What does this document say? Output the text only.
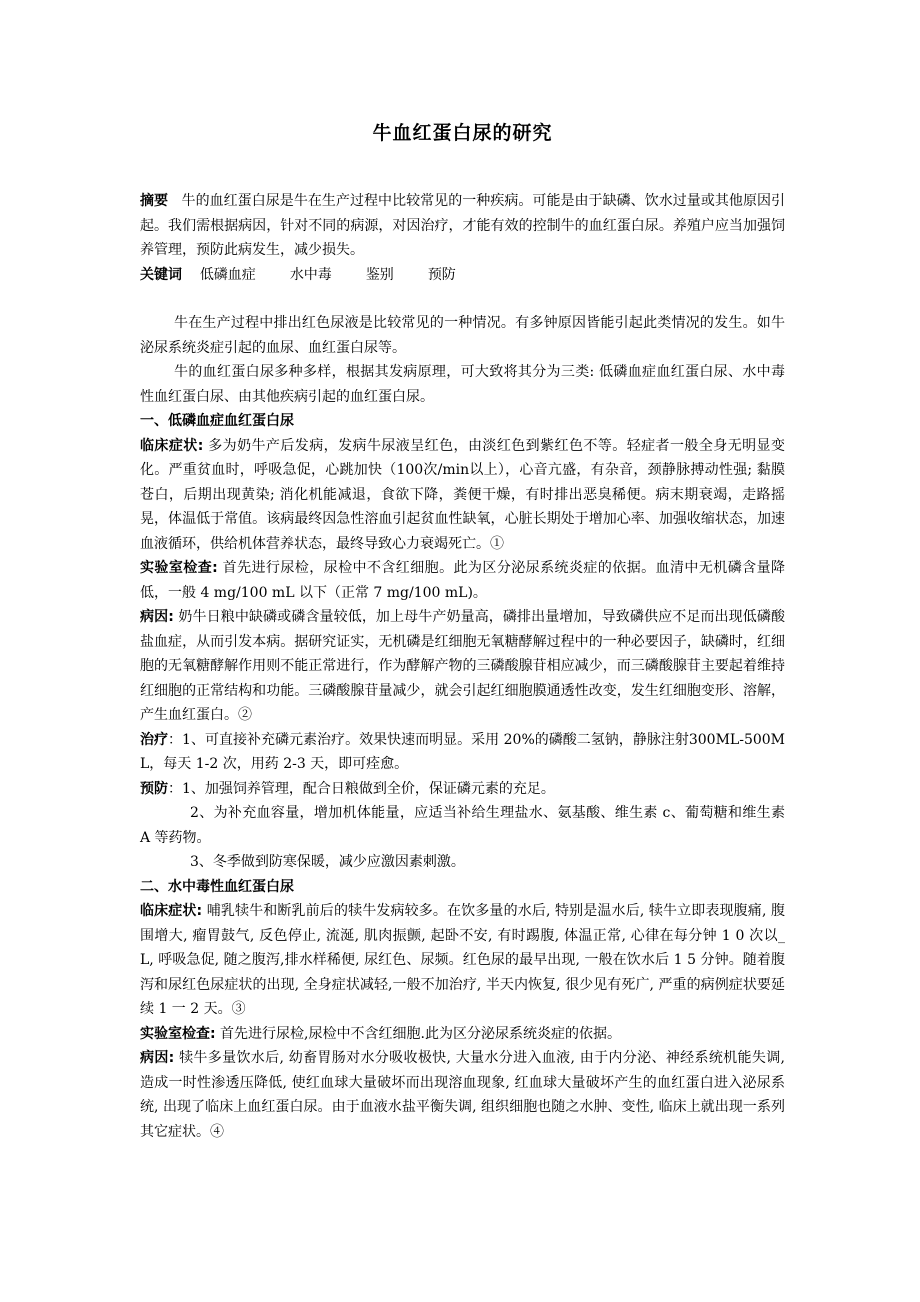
牛血红蛋白尿的研究

摘要 牛的血红蛋白尿是牛在生产过程中比较常见的一种疾病。可能是由于缺磷、饮水过量或其他原因引起。我们需根据病因，针对不同的病源，对因治疗，才能有效的控制牛的血红蛋白尿。养殖户应当加强饲养管理，预防此病发生，减少损失。

关键词 低磷血症 水中毒 鉴别 预防

牛在生产过程中排出红色尿液是比较常见的一种情况。有多钟原因皆能引起此类情况的发生。如牛泌尿系统炎症引起的血尿、血红蛋白尿等。

牛的血红蛋白尿多种多样，根据其发病原理，可大致将其分为三类: 低磷血症血红蛋白尿、水中毒性血红蛋白尿、由其他疾病引起的血红蛋白尿。

一、低磷血症血红蛋白尿

临床症状: 多为奶牛产后发病，发病牛尿液呈红色，由淡红色到紫红色不等。轻症者一般全身无明显变化。严重贫血时，呼吸急促，心跳加快（100次/min以上），心音亢盛，有杂音，颈静脉搏动性强; 黏膜苍白，后期出现黄染; 消化机能减退，食欲下降，粪便干燥，有时排出恶臭稀便。病末期衰竭，走路摇晃，体温低于常值。该病最终因急性溶血引起贫血性缺氧，心脏长期处于增加心率、加强收缩状态，加速血液循环，供给机体营养状态，最终导致心力衰竭死亡。①

实验室检查: 首先进行尿检，尿检中不含红细胞。此为区分泌尿系统炎症的依据。血清中无机磷含量降低，一般 4 mg/100 mL 以下（正常 7 mg/100 mL)。

病因: 奶牛日粮中缺磷或磷含量较低，加上母牛产奶量高，磷排出量增加，导致磷供应不足而出现低磷酸盐血症，从而引发本病。据研究证实，无机磷是红细胞无氧糖酵解过程中的一种必要因子，缺磷时，红细胞的无氧糖酵解作用则不能正常进行，作为酵解产物的三磷酸腺苷相应减少，而三磷酸腺苷主要起着维持红细胞的正常结构和功能。三磷酸腺苷量减少，就会引起红细胞膜通透性改变，发生红细胞变形、溶解，产生血红蛋白。②

治疗：1、可直接补充磷元素治疗。效果快速而明显。采用 20%的磷酸二氢钠，静脉注射300ML-500ML，每天 1-2 次，用药 2-3 天，即可痊愈。

预防：1、加强饲养管理，配合日粮做到全价，保证磷元素的充足。

2、为补充血容量，增加机体能量，应适当补给生理盐水、氨基酸、维生素 c、葡萄糖和维生素 A 等药物。

3、冬季做到防寒保暖，减少应激因素刺激。

二、水中毒性血红蛋白尿

临床症状: 哺乳犊牛和断乳前后的犊牛发病较多。在饮多量的水后, 特别是温水后, 犊牛立即表现腹痛, 腹围增大, 瘤胃鼓气, 反色停止, 流涎, 肌肉振颤, 起卧不安, 有时踢腹, 体温正常, 心律在每分钟 1 0 次以_ L, 呼吸急促, 随之腹泻,排水样稀便, 尿红色、尿频。红色尿的最早出现, 一般在饮水后 1 5 分钟。随着腹泻和尿红色尿症状的出现, 全身症状减轻,一般不加治疗, 半天内恢复, 很少见有死广, 严重的病例症状要延续 1 一 2 天。③

实验室检查: 首先进行尿检,尿检中不含红细胞.此为区分泌尿系统炎症的依据。

病因: 犊牛多量饮水后, 幼畜胃肠对水分吸收极快, 大量水分进入血液, 由于内分泌、神经系统机能失调, 造成一时性渗透压降低, 使红血球大量破坏而出现溶血现象, 红血球大量破坏产生的血红蛋白进入泌尿系统, 出现了临床上血红蛋白尿。由于血液水盐平衡失调, 组织细胞也随之水肿、变性, 临床上就出现一系列其它症状。④
